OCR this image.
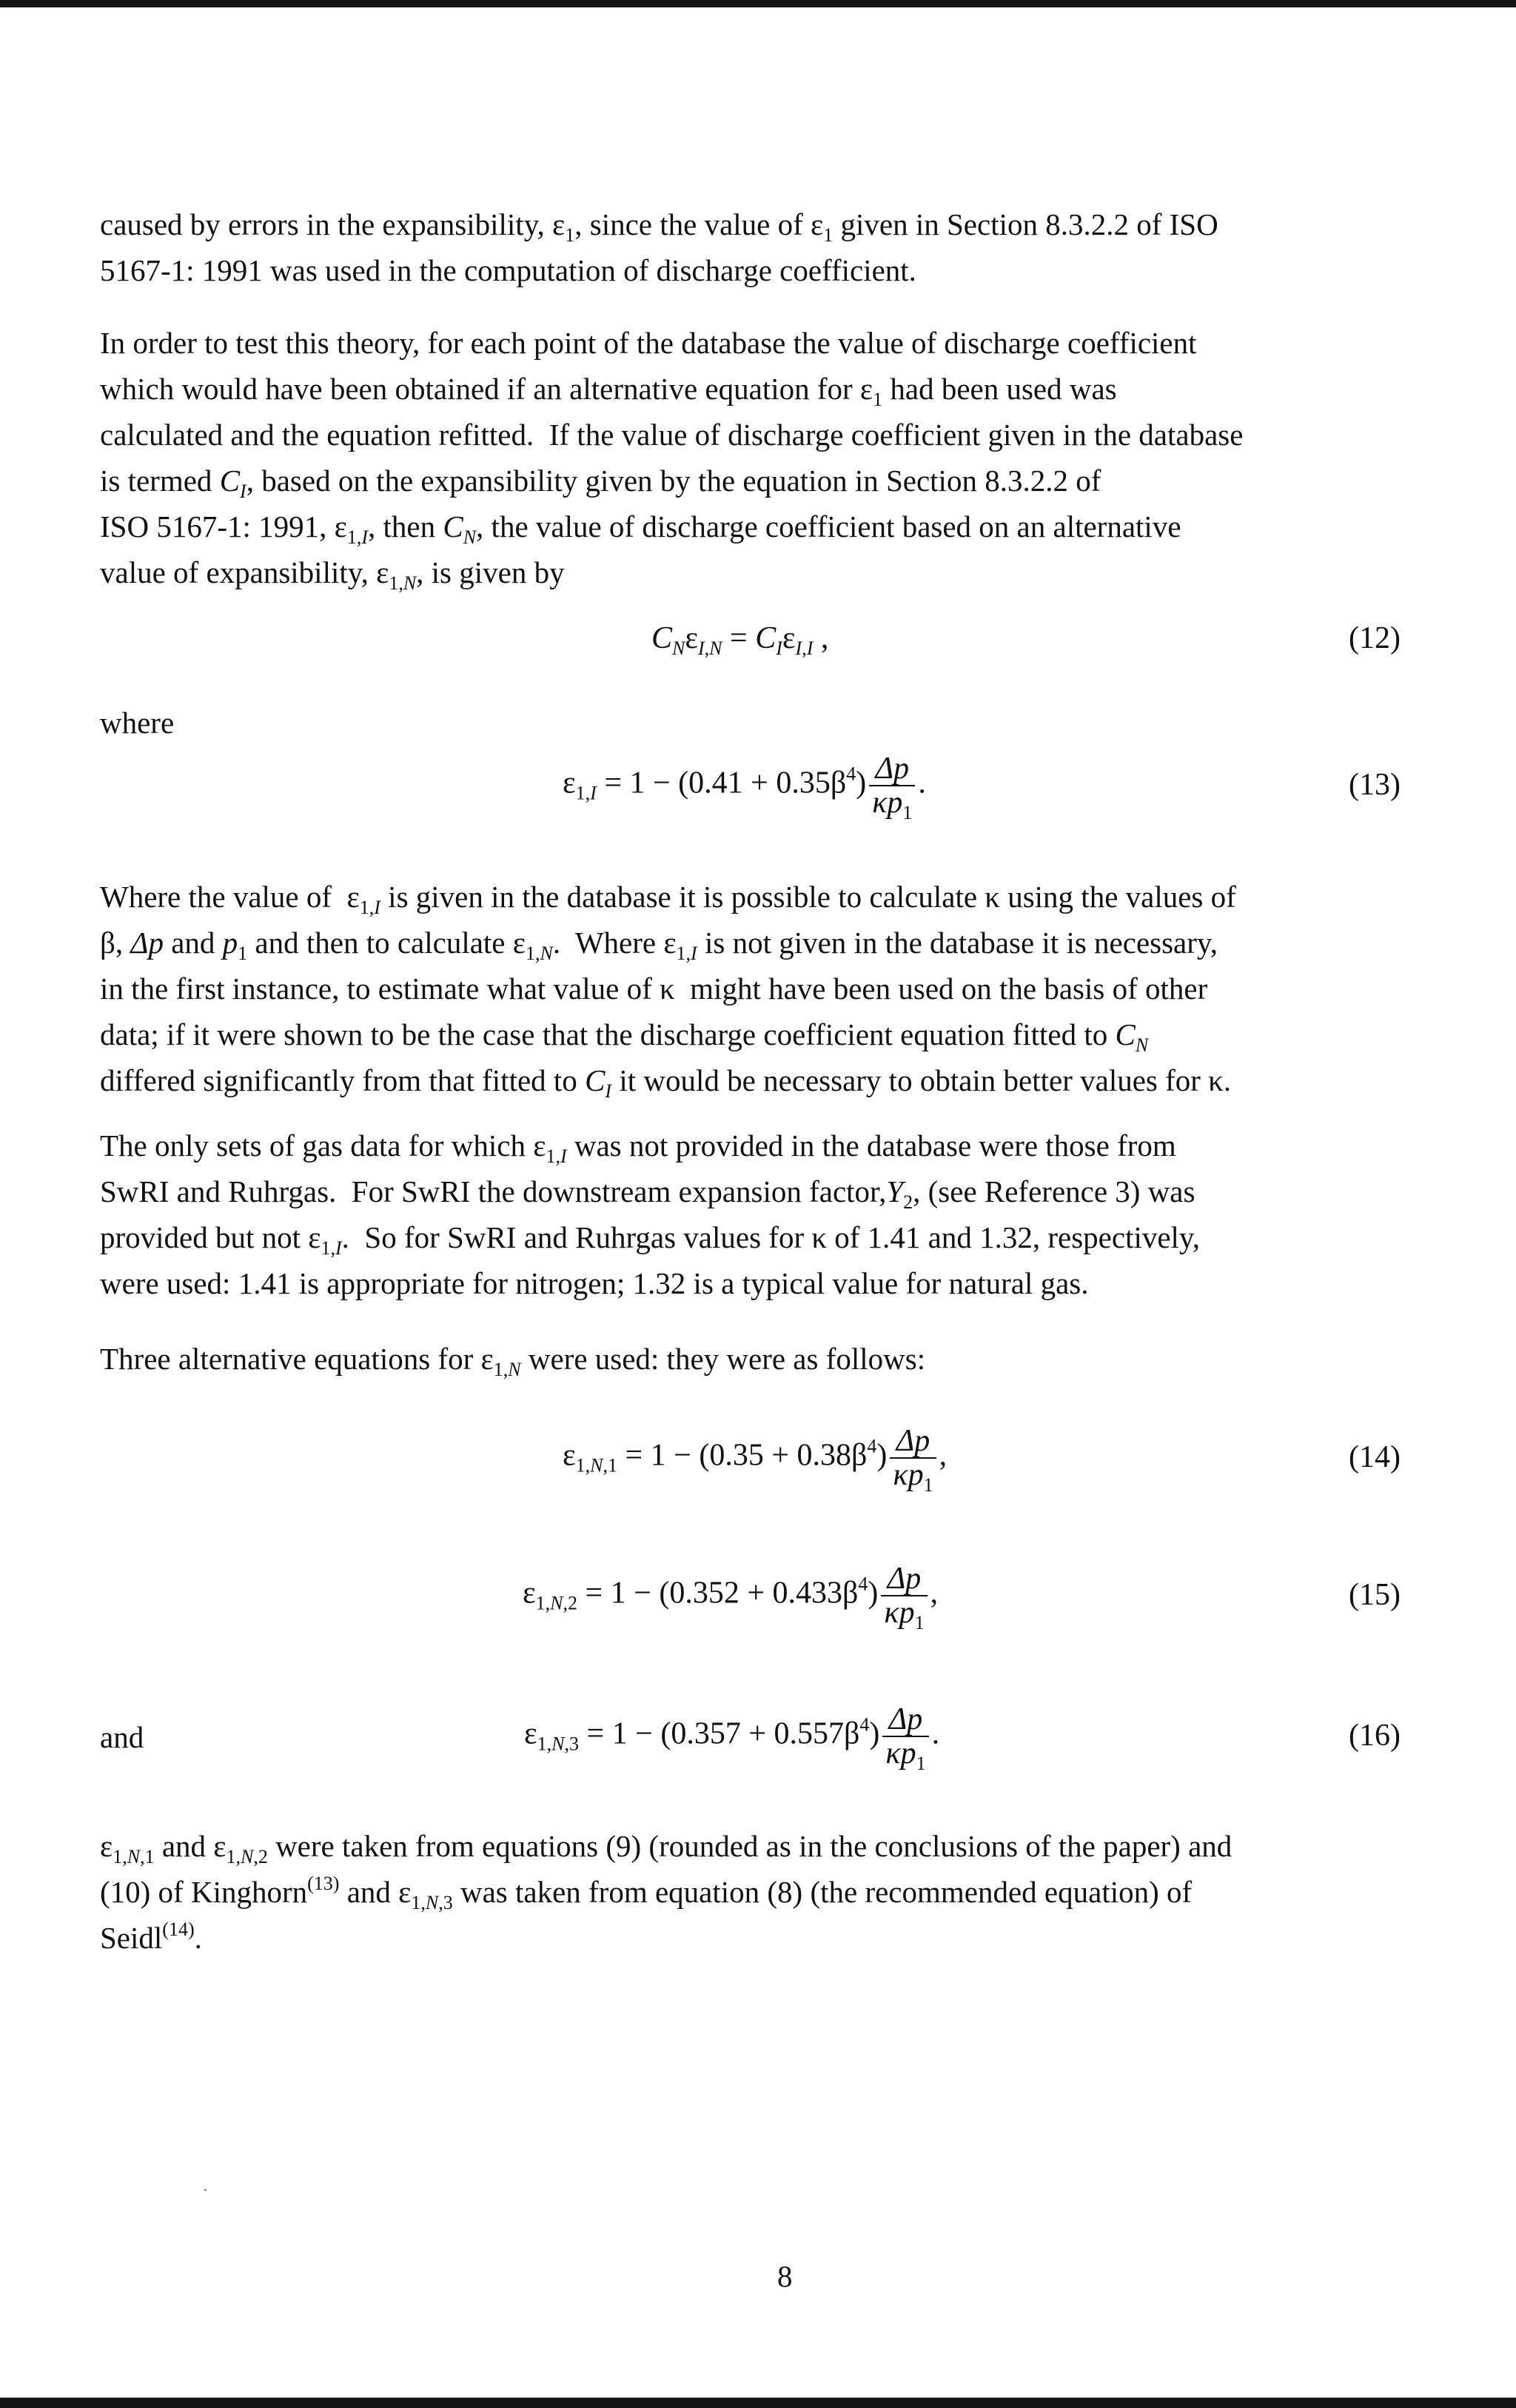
caused by errors in the expansibility, $\varepsilon_1$, since the value of $\varepsilon_1$ given in Section 8.3.2.2 of ISO
5167-1: 1991 was used in the computation of discharge coefficient.

In order to test this theory, for each point of the database the value of discharge coefficient
which would have been obtained if an alternative equation for $\varepsilon_1$ had been used was
calculated and the equation refitted.  If the value of discharge coefficient given in the database
is termed $C_I$, based on the expansibility given by the equation in Section 8.3.2.2 of
ISO 5167-1: 1991, $\varepsilon_{1,I}$, then $C_N$, the value of discharge coefficient based on an alternative
value of expansibility, $\varepsilon_{1,N}$, is given by

$C_N\varepsilon_{I,N} = C_I\varepsilon_{I,I}$ ,	(12)
where
$\varepsilon_{1,I} = 1 - (0.41 + 0.35\beta^4) \frac{\Delta p}{\kappa p_1}$ .	(13)

Where the value of  $\varepsilon_{1,I}$ is given in the database it is possible to calculate κ using the values of
β, Δp and $p_1$ and then to calculate $\varepsilon_{1,N}$.  Where $\varepsilon_{1,I}$ is not given in the database it is necessary,
in the first instance, to estimate what value of κ  might have been used on the basis of other
data; if it were shown to be the case that the discharge coefficient equation fitted to $C_N$
differed significantly from that fitted to $C_I$ it would be necessary to obtain better values for κ.

The only sets of gas data for which $\varepsilon_{1,I}$ was not provided in the database were those from
SwRI and Ruhrgas.  For SwRI the downstream expansion $factor,Y_2$, (see Reference 3) was
provided but not $\varepsilon_{1,I}$.  So for SwRI and Ruhrgas values for κ of 1.41 and 1.32, respectively,
were used: 1.41 is appropriate for nitrogen; 1.32 is a typical value for natural gas.

Three alternative equations for $\varepsilon_{1,N}$ were used: they were as follows:

$\varepsilon_{1,N,1} = 1 - (0.35 + 0.38\beta^4) \frac{\Delta p}{\kappa p_1}$ ,	(14)
$\varepsilon_{1,N,2} = 1 - (0.352 + 0.433\beta^4) \frac{\Delta p}{\kappa p_1}$ ,	(15)
and	$\varepsilon_{1,N,3} = 1 - (0.357 + 0.557\beta^4) \frac{\Delta p}{\kappa p_1}$ .	(16)

$\varepsilon_{1,N,1}$ and $\varepsilon_{1,N,2}$ were taken from equations (9) (rounded as in the conclusions of the paper) and
(10) of Kinghorn$^{(13)}$ and $\varepsilon_{1,N,3}$ was taken from equation (8) (the recommended equation) of
Seidl$^{(14)}$.

8
